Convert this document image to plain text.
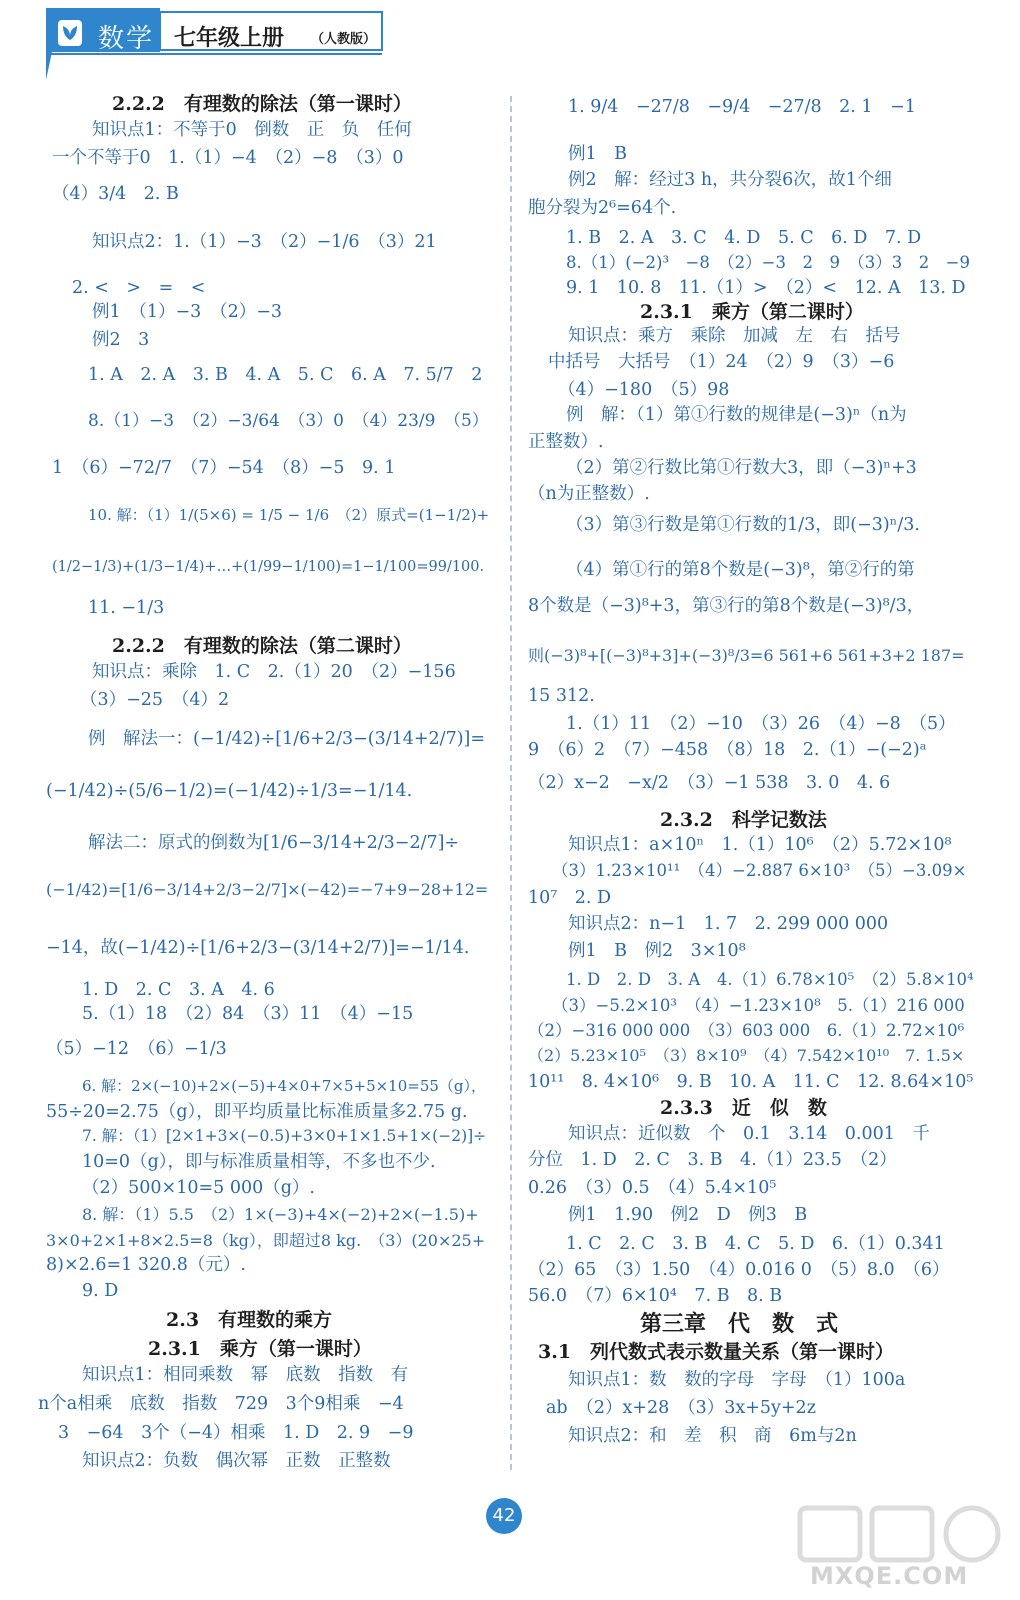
数学 七年级上册 （人教版）
2.2.2　有理数的除法（第一课时）
知识点1：不等于0　倒数　正　负　任何
一个不等于0　1.（1）−4　（2）−8　（3）0
（4）3/4　2. B
知识点2：1.（1）−3　（2）−1/6　（3）21
2. <　>　=　<
例1　（1）−3　（2）−3
例2　3
1. A　2. A　3. B　4. A　5. C　6. A　7. 5/7　2
8.（1）−3　（2）−3/64　（3）0　（4）23/9　（5）
1　（6）−72/7　（7）−54　（8）−5　9. 1
10. 解：（1）1/(5×6) = 1/5 − 1/6　（2）原式=(1−1/2)+
(1/2−1/3)+(1/3−1/4)+…+(1/99−1/100)=1−1/100=99/100.
11. −1/3
2.2.2　有理数的除法（第二课时）
知识点：乘除　1. C　2.（1）20　（2）−156
（3）−25　（4）2
例　解法一：(−1/42)÷[1/6+2/3−(3/14+2/7)]=
(−1/42)÷(5/6−1/2)=(−1/42)÷1/3=−1/14.
解法二：原式的倒数为[1/6−3/14+2/3−2/7]÷
(−1/42)=[1/6−3/14+2/3−2/7]×(−42)=−7+9−28+12=
−14，故(−1/42)÷[1/6+2/3−(3/14+2/7)]=−1/14.
1. D　2. C　3. A　4. 6
5.（1）18　（2）84　（3）11　（4）−15
（5）−12　（6）−1/3
6. 解：2×(−10)+2×(−5)+4×0+7×5+5×10=55（g），
55÷20=2.75（g），即平均质量比标准质量多2.75 g.
7. 解：（1）[2×1+3×(−0.5)+3×0+1×1.5+1×(−2)]÷
10=0（g），即与标准质量相等，不多也不少.
（2）500×10=5 000（g）.
8. 解：（1）5.5　（2）1×(−3)+4×(−2)+2×(−1.5)+
3×0+2×1+8×2.5=8（kg），即超过8 kg.　（3）(20×25+
8)×2.6=1 320.8（元）.
9. D
2.3　有理数的乘方
2.3.1　乘方（第一课时）
知识点1：相同乘数　幂　底数　指数　有
n个a相乘　底数　指数　729　3个9相乘　−4
3　−64　3个（−4）相乘　1. D　2. 9　−9
知识点2：负数　偶次幂　正数　正整数
1. 9/4　−27/8　−9/4　−27/8　2. 1　−1
例1　B
例2　解：经过3 h，共分裂6次，故1个细
胞分裂为2⁶=64个.
1. B　2. A　3. C　4. D　5. C　6. D　7. D
8.（1）(−2)³　−8　（2）−3　2　9　（3）3　2　−9
9. 1　10. 8　11.（1）>　（2）<　12. A　13. D
2.3.1　乘方（第二课时）
知识点：乘方　乘除　加减　左　右　括号
中括号　大括号　（1）24　（2）9　（3）−6
（4）−180　（5）98
例　解：（1）第①行数的规律是(−3)ⁿ（n为
正整数）.
（2）第②行数比第①行数大3，即（−3)ⁿ+3
（n为正整数）.
（3）第③行数是第①行数的1/3，即(−3)ⁿ/3.
（4）第①行的第8个数是(−3)⁸，第②行的第
8个数是（−3)⁸+3，第③行的第8个数是(−3)⁸/3，
则(−3)⁸+[(−3)⁸+3]+(−3)⁸/3=6 561+6 561+3+2 187=
15 312.
1.（1）11　（2）−10　（3）26　（4）−8　（5）
9　（6）2　（7）−458　（8）18　2.（1）−(−2)ᵃ
（2）x−2　−x/2　（3）−1 538　3. 0　4. 6
2.3.2　科学记数法
知识点1：a×10ⁿ　1.（1）10⁶　（2）5.72×10⁸
（3）1.23×10¹¹　（4）−2.887 6×10³　（5）−3.09×
10⁷　2. D
知识点2：n−1　1. 7　2. 299 000 000
例1　B　例2　3×10⁸
1. D　2. D　3. A　4.（1）6.78×10⁵　（2）5.8×10⁴
（3）−5.2×10³　（4）−1.23×10⁸　5.（1）216 000
（2）−316 000 000　（3）603 000　6.（1）2.72×10⁶
（2）5.23×10⁵　（3）8×10⁹　（4）7.542×10¹⁰　7. 1.5×
10¹¹　8. 4×10⁶　9. B　10. A　11. C　12. 8.64×10⁵
2.3.3　近　似　数
知识点：近似数　个　0.1　3.14　0.001　千
分位　1. D　2. C　3. B　4.（1）23.5　（2）
0.26　（3）0.5　（4）5.4×10⁵
例1　1.90　例2　D　例3　B
1. C　2. C　3. B　4. C　5. D　6.（1）0.341
（2）65　（3）1.50　（4）0.016 0　（5）8.0　（6）
56.0　（7）6×10⁴　7. B　8. B
第三章　代　数　式
3.1　列代数式表示数量关系（第一课时）
知识点1：数　数的字母　字母　（1）100a
ab　（2）x+28　（3）3x+5y+2z
知识点2：和　差　积　商　6m与2n
42
MXQE.COM
